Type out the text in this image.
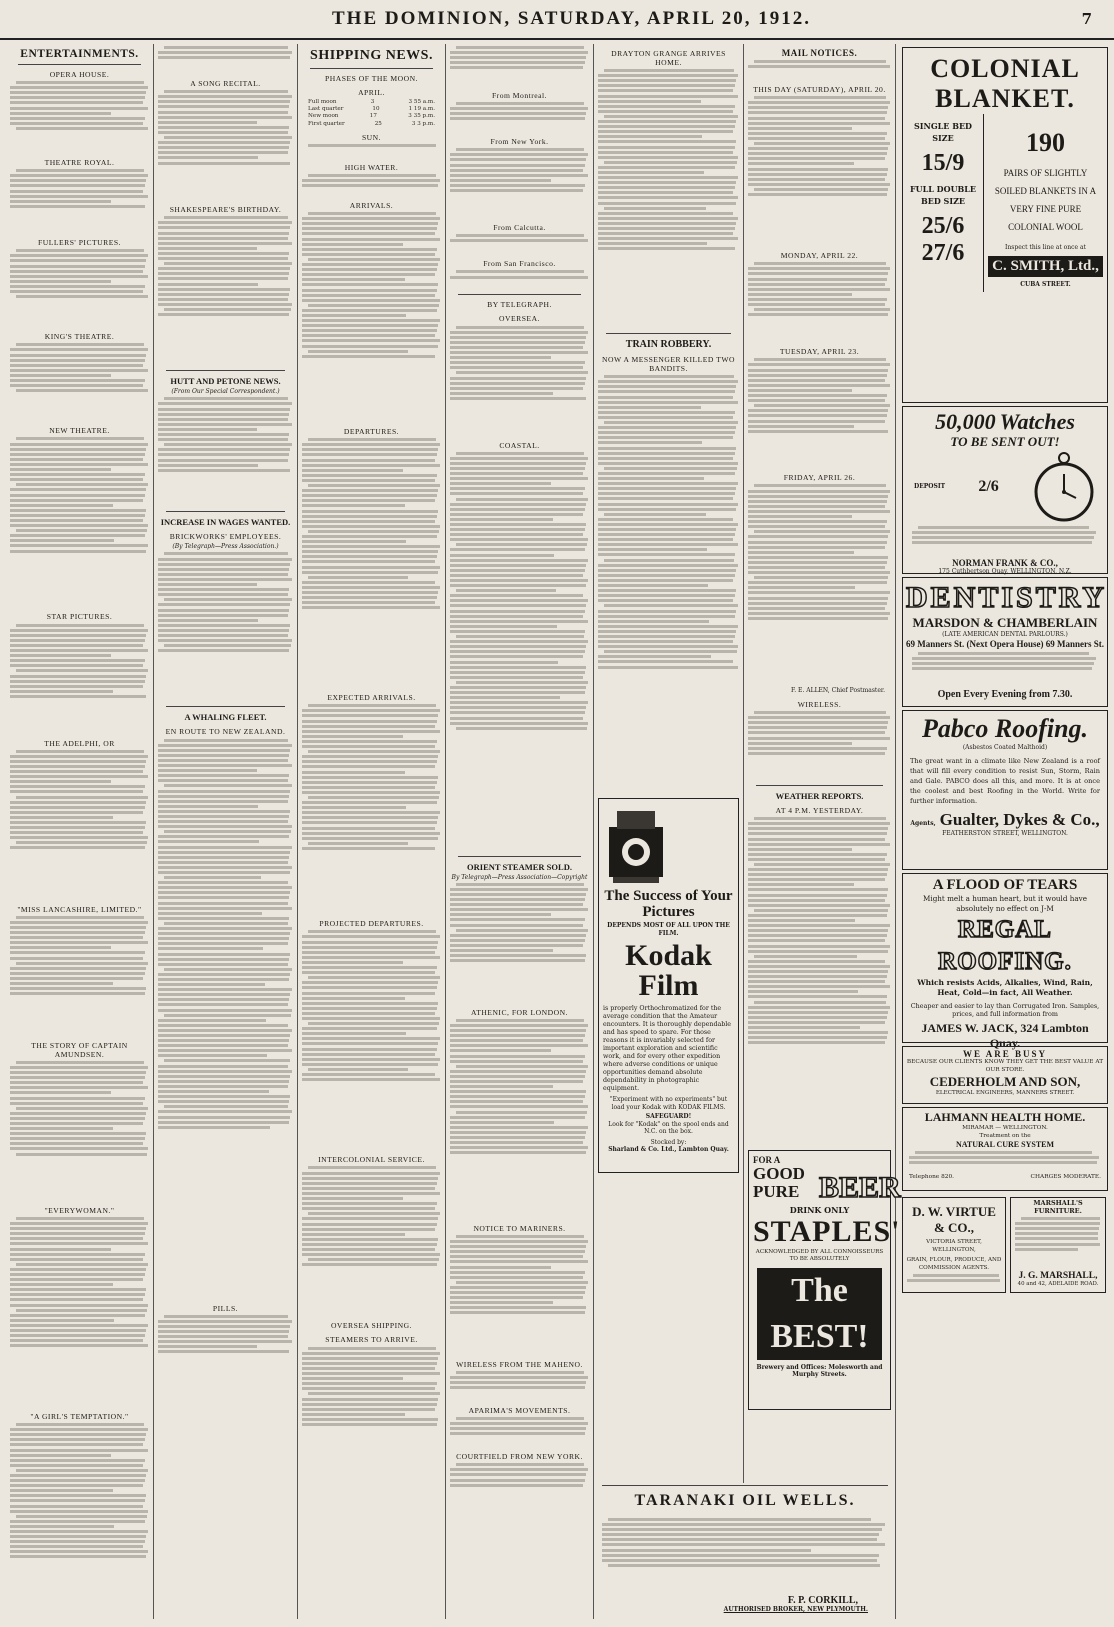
THE DOMINION, SATURDAY, APRIL 20, 1912.	7
ENTERTAINMENTS.
OPERA HOUSE.
THEATRE ROYAL.
FULLERS' PICTURES.
KING'S THEATRE.
NEW THEATRE.
STAR PICTURES.
THE ADELPHI, OR
"MISS LANCASHIRE, LIMITED."
THE STORY OF CAPTAIN AMUNDSEN.
"EVERYWOMAN."
"A GIRL'S TEMPTATION."
A SONG RECITAL.
SHAKESPEARE'S BIRTHDAY.
HUTT AND PETONE NEWS.
(From Our Special Correspondent.)
INCREASE IN WAGES WANTED.
BRICKWORKS' EMPLOYEES.
(By Telegraph—Press Association.)
A WHALING FLEET.
EN ROUTE TO NEW ZEALAND.
PILLS.
SHIPPING NEWS.
PHASES OF THE MOON.
APRIL.
Full moon	3	3 55 a.m.
Last quarter	10	1 19 a.m.
New moon	17	3 35 p.m.
First quarter	25	3 3 p.m.
SUN.
HIGH WATER.
ARRIVALS.
DEPARTURES.
EXPECTED ARRIVALS.
PROJECTED DEPARTURES.
INTERCOLONIAL SERVICE.
OVERSEA SHIPPING.
STEAMERS TO ARRIVE.
From Montreal.
From New York.
From Calcutta.
From San Francisco.
BY TELEGRAPH.
OVERSEA.
COASTAL.
ORIENT STEAMER SOLD.
By Telegraph—Press Association—Copyright
ATHENIC, FOR LONDON.
NOTICE TO MARINERS.
WIRELESS FROM THE MAHENO.
APARIMA'S MOVEMENTS.
COURTFIELD FROM NEW YORK.
DRAYTON GRANGE ARRIVES HOME.
TRAIN ROBBERY.
NOW A MESSENGER KILLED TWO BANDITS.
The Success of Your Pictures
DEPENDS MOST OF ALL UPON THE FILM.
Kodak
Film
is properly Orthochromatized for the average condition that the Amateur encounters. It is thoroughly dependable and has speed to spare. For those reasons it is invariably selected for important exploration and scientific work, and for every other expedition where adverse conditions or unique opportunities demand absolute dependability in photographic equipment.
"Experiment with no experiments" but load your Kodak with KODAK FILMS.
SAFEGUARD!
Look for "Kodak" on the spool ends and N.C. on the box.
Stocked by:
Sharland & Co. Ltd., Lambton Quay.
MAIL NOTICES.
THIS DAY (SATURDAY), APRIL 20.
MONDAY, APRIL 22.
TUESDAY, APRIL 23.
FRIDAY, APRIL 26.
F. E. ALLEN, Chief Postmaster.
WIRELESS.
WEATHER REPORTS.
AT 4 P.M. YESTERDAY.
FOR A
GOOD
PURE BEER
DRINK ONLY
STAPLES'
ACKNOWLEDGED BY ALL CONNOISSEURS TO BE ABSOLUTELY
The BEST!
Brewery and Offices: Molesworth and Murphy Streets.
COLONIAL
BLANKET.
SINGLE BED SIZE
15/9
FULL DOUBLE BED SIZE
25/6
27/6
190
PAIRS OF SLIGHTLY SOILED BLANKETS IN A VERY FINE PURE COLONIAL WOOL
Inspect this line at once at
C. SMITH, Ltd.,
CUBA STREET.
50,000 Watches
TO BE SENT OUT!
DEPOSIT 2/6
NORMAN FRANK & CO.,
175 Cuthbertson Quay, WELLINGTON, N.Z.
DENTISTRY
MARSDON & CHAMBERLAIN
(LATE AMERICAN DENTAL PARLOURS.)
69 Manners St. (Next Opera House) 69 Manners St.
Open Every Evening from 7.30.
Pabco Roofing.
(Asbestos Coated Malthoid)
The great want in a climate like New Zealand is a roof that will fill every condition to resist Sun, Storm, Rain and Gale. PABCO does all this, and more. It is at once the coolest and best Roofing in the World. Write for further information.
Agents, Gualter, Dykes & Co.,
FEATHERSTON STREET, WELLINGTON.
A FLOOD OF TEARS
Might melt a human heart, but it would have absolutely no effect on J-M
REGAL ROOFING.
Which resists Acids, Alkalies, Wind, Rain, Heat, Cold—in fact, All Weather.
Cheaper and easier to lay than Corrugated Iron. Samples, prices, and full information from
JAMES W. JACK, 324 Lambton Quay.
WE ARE BUSY
BECAUSE OUR CLIENTS KNOW THEY GET THE BEST VALUE AT OUR STORE.
CEDERHOLM AND SON,
ELECTRICAL ENGINEERS, MANNERS STREET.
LAHMANN HEALTH HOME.
MIRAMAR — WELLINGTON.
Treatment on the
NATURAL CURE SYSTEM
Telephone 820.	CHARGES MODERATE.
D. W. VIRTUE
& CO.,
VICTORIA STREET, WELLINGTON,
GRAIN, FLOUR, PRODUCE, AND COMMISSION AGENTS.
MARSHALL'S FURNITURE.
J. G. MARSHALL,
40 and 42, ADELAIDE ROAD.
TARANAKI OIL WELLS.
F. P. CORKILL,
AUTHORISED BROKER, NEW PLYMOUTH.
